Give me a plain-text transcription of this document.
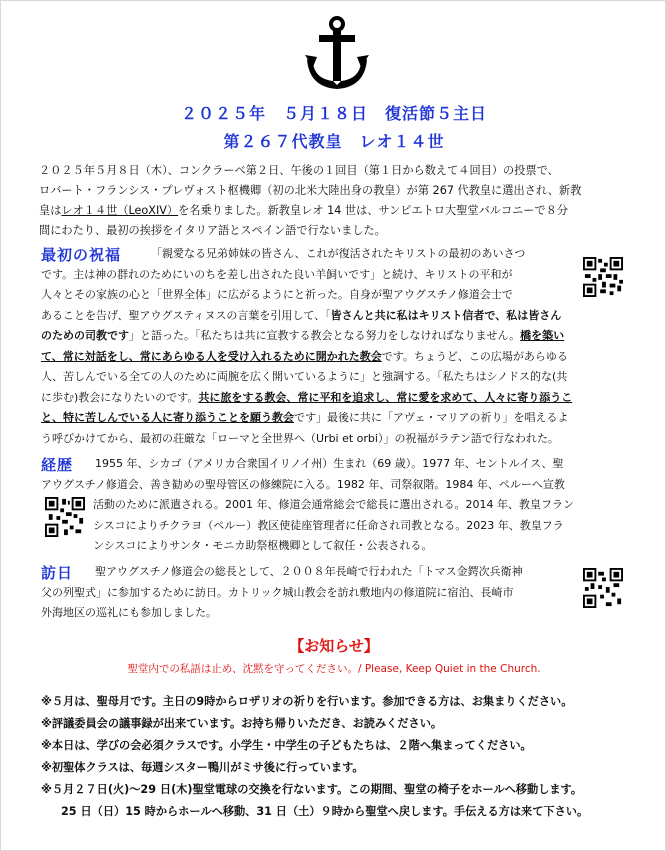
２０２５年　５月１８日　復活節５主日
第２６７代教皇　レオ１４世
２０２５年５月８日（木）、コンクラーベ第２日、午後の１回目（第１日から数えて４回目）の投票で、
ロバート・フランシス・プレヴォスト枢機卿（初の北米大陸出身の教皇）が第 267 代教皇に選出され、新教
皇はレオ１４世（LeoXIV）を名乗りました。新教皇レオ 14 世は、サンピエトロ大聖堂バルコニーで８分
間にわたり、最初の挨拶をイタリア語とスペイン語で行ないました。
最初の祝福	「親愛なる兄弟姉妹の皆さん、これが復活されたキリストの最初のあいさつ
です。主は神の群れのためにいのちを差し出された良い羊飼いです」と続け、キリストの平和が
人々とその家族の心と「世界全体」に広がるようにと祈った。自身が聖アウグスチノ修道会士で
あることを告げ、聖アウグスティヌスの言葉を引用して、「皆さんと共に私はキリスト信者で、私は皆さん
のための司教です」と語った。「私たちは共に宣教する教会となる努力をしなければなりません。橋を築い
て、常に対話をし、常にあらゆる人を受け入れるために開かれた教会です。ちょうど、この広場があらゆる
人、苦しんでいる全ての人のために両腕を広く開いているように」と強調する。「私たちはシノドス的な(共
に歩む)教会になりたいのです。共に旅をする教会、常に平和を追求し、常に愛を求めて、人々に寄り添うこ
と、特に苦しんでいる人に寄り添うことを願う教会です」最後に共に「アヴェ・マリアの祈り」を唱えるよ
う呼びかけてから、最初の荘厳な「ローマと全世界へ（Urbi et orbi）」の祝福がラテン語で行なわれた。
経歴	1955 年、シカゴ（アメリカ合衆国イリノイ州）生まれ（69 歳）。1977 年、セントルイス、聖
アウグスチノ修道会、善き勧めの聖母管区の修練院に入る。1982 年、司祭叙階。1984 年、ペルーへ宣教
活動のために派遣される。2001 年、修道会通常総会で総長に選出される。2014 年、教皇フラン
シスコによりチクラヨ（ペルー）教区使徒座管理者に任命され司教となる。2023 年、教皇フラ
ンシスコによりサンタ・モニカ助祭枢機卿として叙任・公表される。
訪日	聖アウグスチノ修道会の総長として、２００８年長崎で行われた「トマス金鍔次兵衛神
父の列聖式」に参加するために訪日。カトリック城山教会を訪れ敷地内の修道院に宿泊、長崎市
外海地区の巡礼にも参加しました。
【お知らせ】
聖堂内での私語は止め、沈黙を守ってください。/ Please, Keep Quiet in the Church.
※５月は、聖母月です。主日の9時からロザリオの祈りを行います。参加できる方は、お集まりください。
※評議委員会の議事録が出来ています。お持ち帰りいただき、お読みください。
※本日は、学びの会必須クラスです。小学生・中学生の子どもたちは、２階へ集まってください。
※初聖体クラスは、毎週シスター鴨川がミサ後に行っています。
※５月２７日(火)～29 日(木)聖堂電球の交換を行ないます。この期間、聖堂の椅子をホールへ移動します。
25 日（日）15 時からホールへ移動、31 日（土）９時から聖堂へ戻します。手伝える方は来て下さい。
